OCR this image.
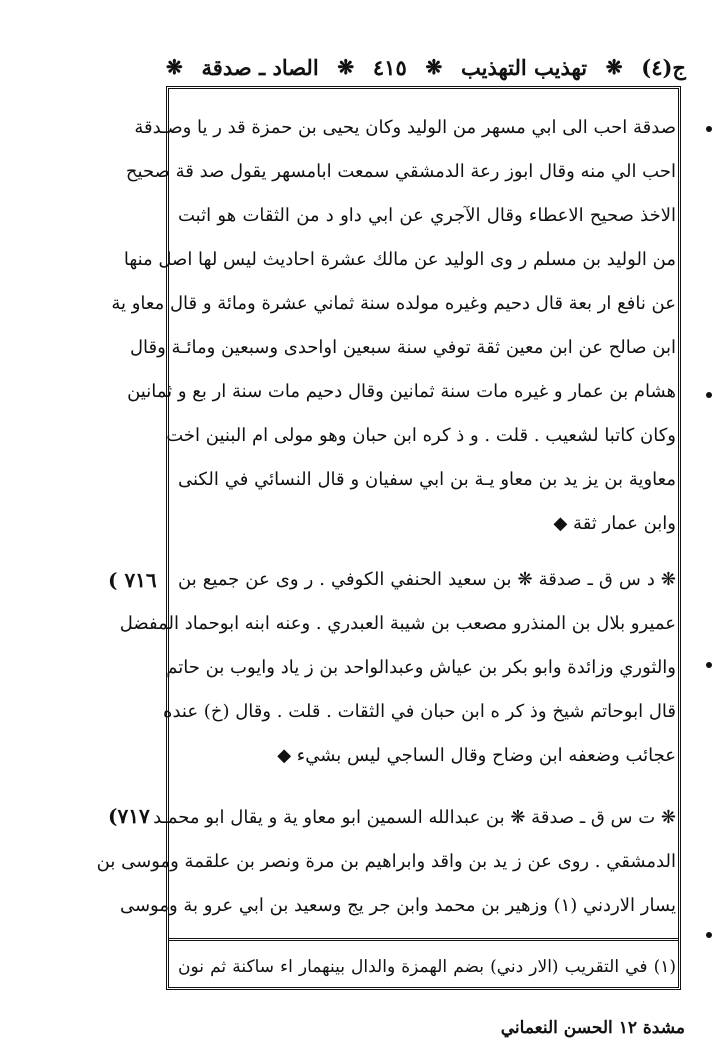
ج(٤)
❋
تهذيب التهذيب
❋
٤١٥
❋
الصاد ـ صدقة
❋
صدقة احب الى ابي مسهر من الوليد وكان يحيى بن حمزة قد ر يا وصـدقة
احب الي منه وقال ابوز رعة الدمشقي سمعت ابامسهر يقول صد قة صحيح
الاخذ صحيح الاعطاء وقال الآجري عن ابي داو د من الثقات هو اثبت
من الوليد بن مسلم ر وى الوليد عن مالك عشرة احاديث ليس لها اصل منها
عن نافع ار بعة قال دحيم وغيره مولده سنة ثماني عشرة ومائة و قال معاو ية
ابن صالح عن ابن معين ثقة توفي سنة سبعين اواحدى وسبعين ومائـة وقال
هشام بن عمار و غيره مات سنة ثمانين وقال دحيم مات سنة ار بع و ثمانين
وكان كاتبا لشعيب . قلت . و ذ كره ابن حبان وهو مولى ام البنين اخت
معاوية بن يز يد بن معاو يـة بن ابي سفيان و قال النسائي في الكنى
وابن عمار ثقة ◆
( ٧١٦ ❋ د س ق ـ صدقة ❋ بن سعيد الحنفي الكوفي . ر وى عن جميع بن
عميرو بلال بن المنذرو مصعب بن شيبة العبدري . وعنه ابنه ابوحماد المفضل
والثوري وزائدة وابو بكر بن عياش وعبدالواحد بن ز ياد وايوب بن حاتم
قال ابوحاتم شيخ وذ كر ه ابن حبان في الثقات . قلت . وقال (خ) عنده
عجائب وضعفه ابن وضاح وقال الساجي ليس بشيء ◆
(٧١٧ ❋ ت س ق ـ صدقة ❋ بن عبدالله السمين ابو معاو ية و يقال ابو محمـد
الدمشقي . روى عن ز يد بن واقد وابراهيم بن مرة ونصر بن علقمة وموسى بن
يسار الاردني (١) وزهير بن محمد وابن جر يج وسعيد بن ابي عرو بة وموسى
(١) في التقريب (الار دني) بضم الهمزة والدال بينهمار اء ساكنة ثم نون
مشدة ١٢ الحسن النعماني
